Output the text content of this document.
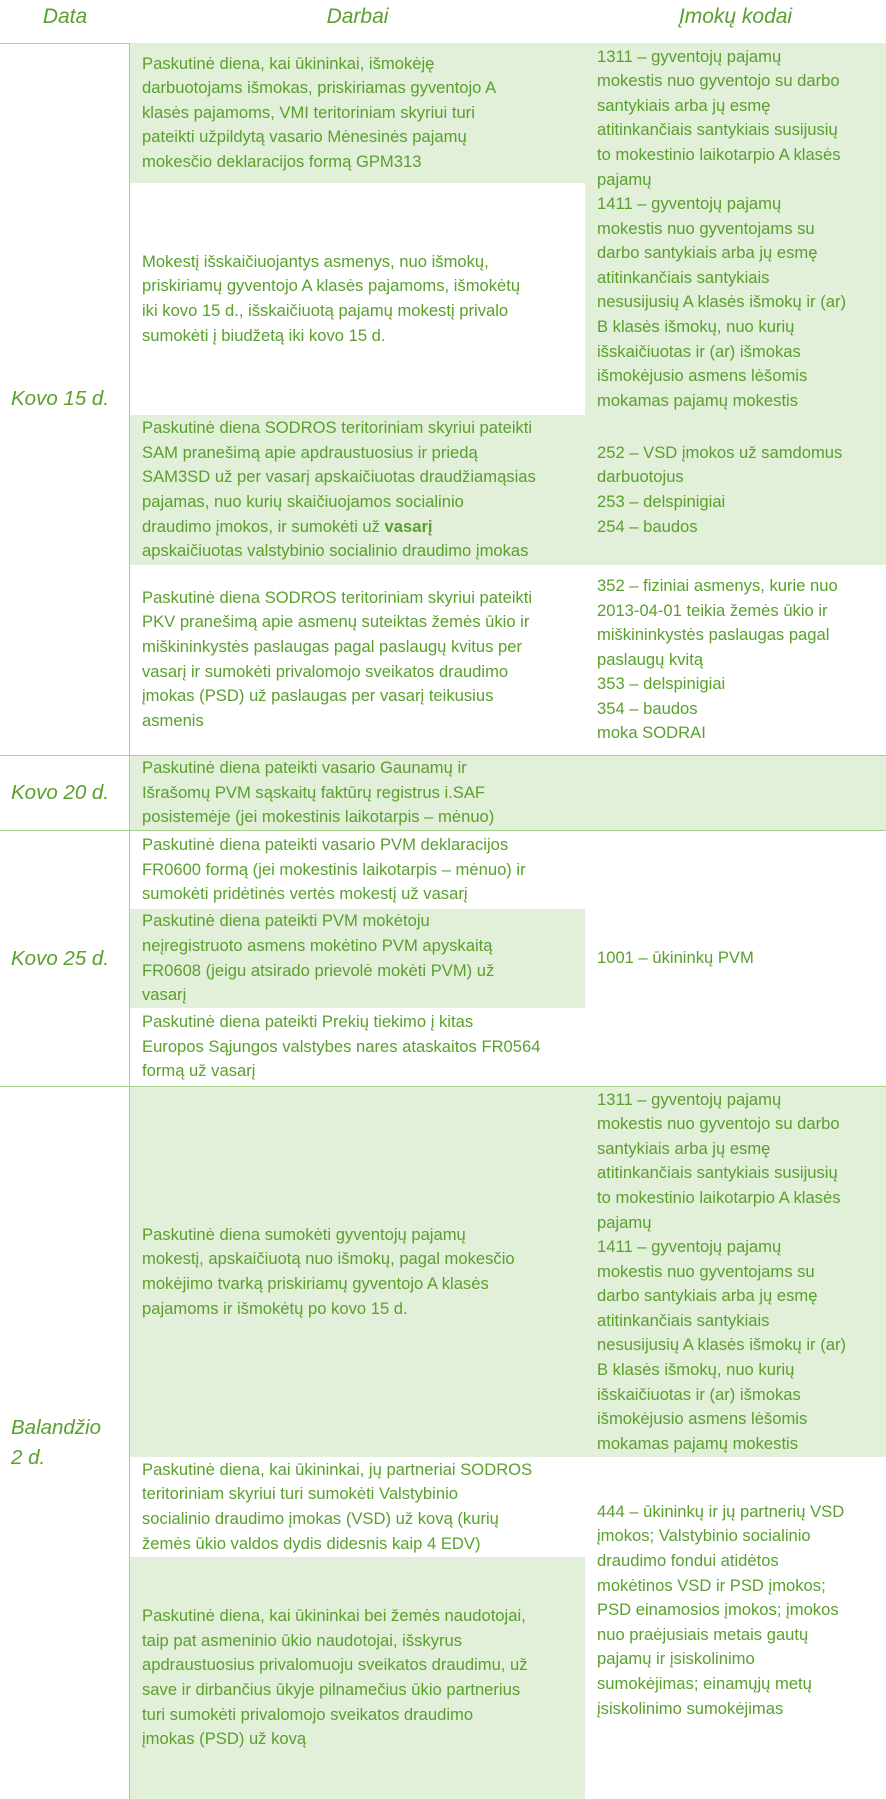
Data	Darbai	Įmokų kodai
Kovo 15 d.
Paskutinė diena, kai ūkininkai, išmokėję
darbuotojams išmokas, priskiriamas gyventojo A
klasės pajamoms, VMI teritoriniam skyriui turi
pateikti užpildytą vasario Mėnesinės pajamų
mokesčio deklaracijos formą GPM313
Mokestį išskaičiuojantys asmenys, nuo išmokų,
priskiriamų gyventojo A klasės pajamoms, išmokėtų
iki kovo 15 d., išskaičiuotą pajamų mokestį privalo
sumokėti į biudžetą iki kovo 15 d.
Paskutinė diena SODROS teritoriniam skyriui pateikti
SAM pranešimą apie apdraustuosius ir priedą
SAM3SD už per vasarį apskaičiuotas draudžiamąsias
pajamas, nuo kurių skaičiuojamos socialinio
draudimo įmokos, ir sumokėti už vasarį
apskaičiuotas valstybinio socialinio draudimo įmokas
Paskutinė diena SODROS teritoriniam skyriui pateikti
PKV pranešimą apie asmenų suteiktas žemės ūkio ir
miškininkystės paslaugas pagal paslaugų kvitus per
vasarį ir sumokėti privalomojo sveikatos draudimo
įmokas (PSD) už paslaugas per vasarį teikusius
asmenis
1311 – gyventojų pajamų
mokestis nuo gyventojo su darbo
santykiais arba jų esmę
atitinkančiais santykiais susijusių
to mokestinio laikotarpio A klasės
pajamų
1411 – gyventojų pajamų
mokestis nuo gyventojams su
darbo santykiais arba jų esmę
atitinkančiais santykiais
nesusijusių A klasės išmokų ir (ar)
B klasės išmokų, nuo kurių
išskaičiuotas ir (ar) išmokas
išmokėjusio asmens lėšomis
mokamas pajamų mokestis
252 – VSD įmokos už samdomus
darbuotojus
253 – delspinigiai
254 – baudos
352 – fiziniai asmenys, kurie nuo
2013-04-01 teikia žemės ūkio ir
miškininkystės paslaugas pagal
paslaugų kvitą
353 – delspinigiai
354 – baudos
moka SODRAI
Kovo 20 d.
Paskutinė diena pateikti vasario Gaunamų ir
Išrašomų PVM sąskaitų faktūrų registrus i.SAF
posistemėje (jei mokestinis laikotarpis – mėnuo)
Kovo 25 d.
Paskutinė diena pateikti vasario PVM deklaracijos
FR0600 formą (jei mokestinis laikotarpis – mėnuo) ir
sumokėti pridėtinės vertės mokestį už vasarį
Paskutinė diena pateikti PVM mokėtoju
neįregistruoto asmens mokėtino PVM apyskaitą
FR0608 (jeigu atsirado prievolė mokėti PVM) už
vasarį
Paskutinė diena pateikti Prekių tiekimo į kitas
Europos Sąjungos valstybes nares ataskaitos FR0564
formą už vasarį
1001 – ūkininkų PVM
Balandžio
2 d.
Paskutinė diena sumokėti gyventojų pajamų
mokestį, apskaičiuotą nuo išmokų, pagal mokesčio
mokėjimo tvarką priskiriamų gyventojo A klasės
pajamoms ir išmokėtų po kovo 15 d.
Paskutinė diena, kai ūkininkai, jų partneriai SODROS
teritoriniam skyriui turi sumokėti Valstybinio
socialinio draudimo įmokas (VSD) už kovą (kurių
žemės ūkio valdos dydis didesnis kaip 4 EDV)
Paskutinė diena, kai ūkininkai bei žemės naudotojai,
taip pat asmeninio ūkio naudotojai, išskyrus
apdraustuosius privalomuoju sveikatos draudimu, už
save ir dirbančius ūkyje pilnamečius ūkio partnerius
turi sumokėti privalomojo sveikatos draudimo
įmokas (PSD) už kovą
1311 – gyventojų pajamų
mokestis nuo gyventojo su darbo
santykiais arba jų esmę
atitinkančiais santykiais susijusių
to mokestinio laikotarpio A klasės
pajamų
1411 – gyventojų pajamų
mokestis nuo gyventojams su
darbo santykiais arba jų esmę
atitinkančiais santykiais
nesusijusių A klasės išmokų ir (ar)
B klasės išmokų, nuo kurių
išskaičiuotas ir (ar) išmokas
išmokėjusio asmens lėšomis
mokamas pajamų mokestis
444 – ūkininkų ir jų partnerių VSD
įmokos; Valstybinio socialinio
draudimo fondui atidėtos
mokėtinos VSD ir PSD įmokos;
PSD einamosios įmokos; įmokos
nuo praėjusiais metais gautų
pajamų ir įsiskolinimo
sumokėjimas; einamųjų metų
įsiskolinimo sumokėjimas
